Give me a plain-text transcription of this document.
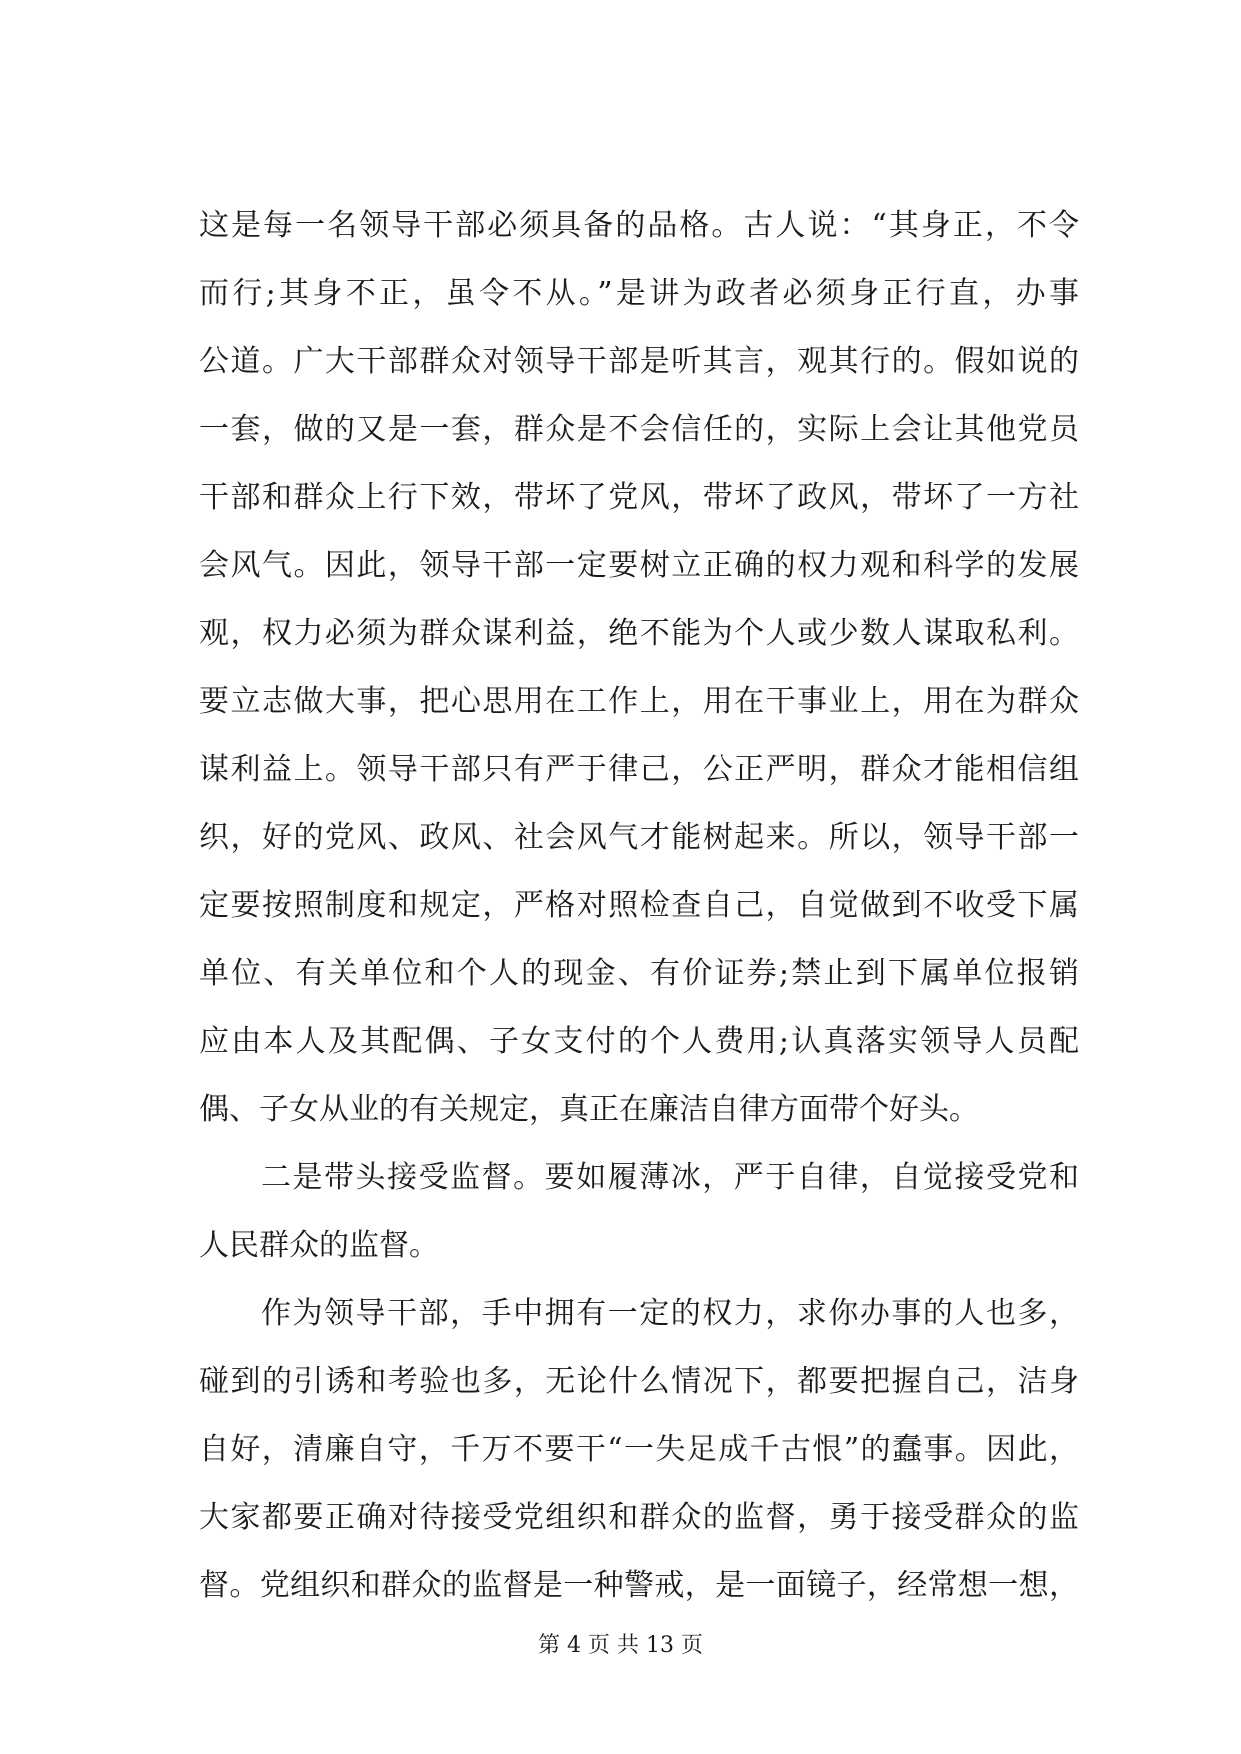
这是每一名领导干部必须具备的品格。古人说：“其身正，不令
而行;其身不正，虽令不从。”是讲为政者必须身正行直，办事
公道。广大干部群众对领导干部是听其言，观其行的。假如说的
一套，做的又是一套，群众是不会信任的，实际上会让其他党员
干部和群众上行下效，带坏了党风，带坏了政风，带坏了一方社
会风气。因此，领导干部一定要树立正确的权力观和科学的发展
观，权力必须为群众谋利益，绝不能为个人或少数人谋取私利。
要立志做大事，把心思用在工作上，用在干事业上，用在为群众
谋利益上。领导干部只有严于律己，公正严明，群众才能相信组
织，好的党风、政风、社会风气才能树起来。所以，领导干部一
定要按照制度和规定，严格对照检查自己，自觉做到不收受下属
单位、有关单位和个人的现金、有价证券;禁止到下属单位报销
应由本人及其配偶、子女支付的个人费用;认真落实领导人员配
偶、子女从业的有关规定，真正在廉洁自律方面带个好头。
二是带头接受监督。要如履薄冰，严于自律，自觉接受党和
人民群众的监督。
作为领导干部，手中拥有一定的权力，求你办事的人也多，
碰到的引诱和考验也多，无论什么情况下，都要把握自己，洁身
自好，清廉自守，千万不要干“一失足成千古恨”的蠢事。因此，
大家都要正确对待接受党组织和群众的监督，勇于接受群众的监
督。党组织和群众的监督是一种警戒，是一面镜子，经常想一想，
第 4 页 共 13 页
